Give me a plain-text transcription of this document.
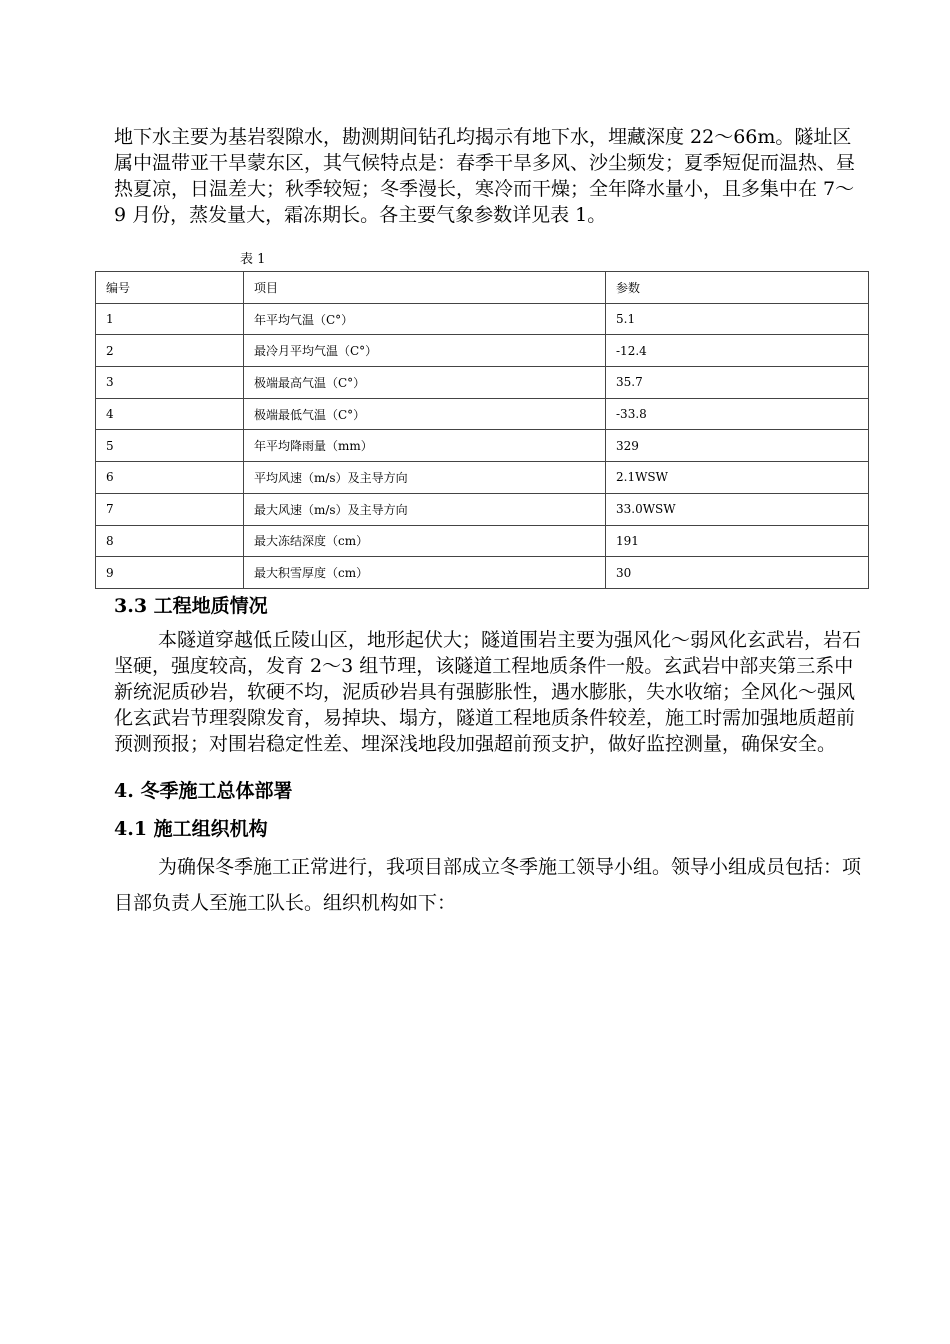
地下水主要为基岩裂隙水，勘测期间钻孔均揭示有地下水，埋藏深度 22～66m。隧址区属中温带亚干旱蒙东区，其气候特点是：春季干旱多风、沙尘频发；夏季短促而温热、昼热夏凉，日温差大；秋季较短；冬季漫长，寒冷而干燥；全年降水量小，且多集中在 7～9 月份，蒸发量大，霜冻期长。各主要气象参数详见表 1。

表 1
编号	项目	参数
1	年平均气温（C°）	5.1
2	最冷月平均气温（C°）	-12.4
3	极端最高气温（C°）	35.7
4	极端最低气温（C°）	-33.8
5	年平均降雨量（mm）	329
6	平均风速（m/s）及主导方向	2.1WSW
7	最大风速（m/s）及主导方向	33.0WSW
8	最大冻结深度（cm）	191
9	最大积雪厚度（cm）	30
3.3 工程地质情况

本隧道穿越低丘陵山区，地形起伏大；隧道围岩主要为强风化～弱风化玄武岩，岩石坚硬，强度较高，发育 2～3 组节理，该隧道工程地质条件一般。玄武岩中部夹第三系中新统泥质砂岩，软硬不均，泥质砂岩具有强膨胀性，遇水膨胀，失水收缩；全风化～强风化玄武岩节理裂隙发育，易掉块、塌方，隧道工程地质条件较差，施工时需加强地质超前预测预报；对围岩稳定性差、埋深浅地段加强超前预支护，做好监控测量，确保安全。

4. 冬季施工总体部署
4.1 施工组织机构

为确保冬季施工正常进行，我项目部成立冬季施工领导小组。领导小组成员包括：项目部负责人至施工队长。组织机构如下：
